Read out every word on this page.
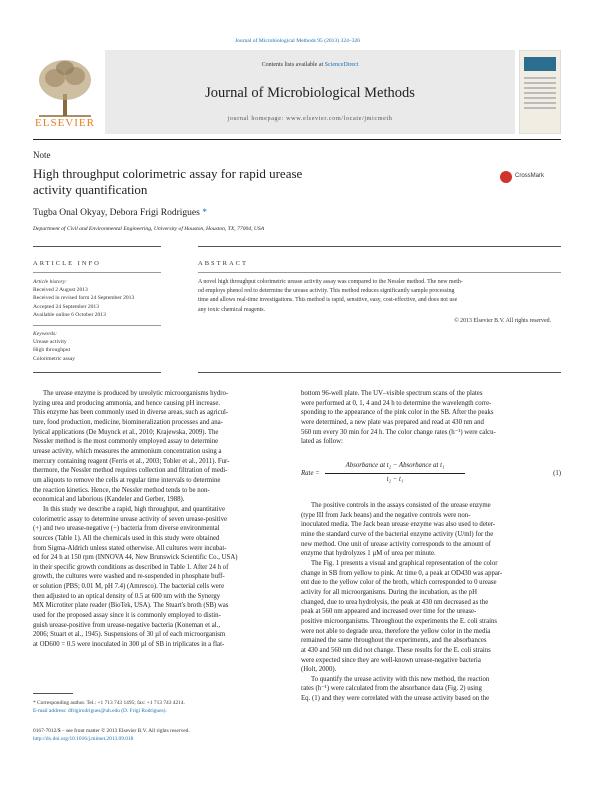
Journal of Microbiological Methods 95 (2013) 324–326
ELSEVIER
Contents lists available at ScienceDirect
Journal of Microbiological Methods
journal homepage: www.elsevier.com/locate/jmicmeth
Note
High throughput colorimetric assay for rapid urease
activity quantification
CrossMark
Tugba Onal Okyay, Debora Frigi Rodrigues *
Department of Civil and Environmental Engineering, University of Houston, Houston, TX, 77004, USA
ARTICLE INFO
Article history:
Received 2 August 2013
Received in revised form 24 September 2013
Accepted 24 September 2013
Available online 6 October 2013
Keywords:
Urease activity
High throughput
Colorimetric assay
ABSTRACT
A novel high throughput colorimetric urease activity assay was compared to the Nessler method. The new meth-
od employs phenol red to determine the urease activity. This method reduces significantly sample processing
time and allows real-time investigations. This method is rapid, sensitive, easy, cost-effective, and does not use
any toxic chemical reagents.
© 2013 Elsevier B.V. All rights reserved.
The urease enzyme is produced by ureolytic microorganisms hydro-
lyzing urea and producing ammonia, and hence causing pH increase.
This enzyme has been commonly used in diverse areas, such as agricul-
ture, food production, medicine, biomineralization processes and ana-
lytical applications (De Muynck et al., 2010; Krajewska, 2009). The
Nessler method is the most commonly employed assay to determine
urease activity, which measures the ammonium concentration using a
mercury containing reagent (Ferris et al., 2003; Tobler et al., 2011). Fur-
thermore, the Nessler method requires collection and filtration of medi-
um aliquots to remove the cells at regular time intervals to determine
the reaction kinetics. Hence, the Nessler method tends to be non-
economical and laborious (Kandeler and Gerber, 1988).
In this study we describe a rapid, high throughput, and quantitative
colorimetric assay to determine urease activity of seven urease-positive
(+) and two urease-negative (−) bacteria from diverse environmental
sources (Table 1). All the chemicals used in this study were obtained
from Sigma-Aldrich unless stated otherwise. All cultures were incubat-
ed for 24 h at 150 rpm (INNOVA 44, New Brunswick Scientific Co., USA)
in their specific growth conditions as described in Table 1. After 24 h of
growth, the cultures were washed and re-suspended in phosphate buff-
er solution (PBS; 0.01 M, pH 7.4) (Amresco). The bacterial cells were
then adjusted to an optical density of 0.5 at 600 nm with the Synergy
MX Microtiter plate reader (BioTek, USA). The Stuart's broth (SB) was
used for the proposed assay since it is commonly employed to distin-
guish urease-positive from urease-negative bacteria (Koneman et al.,
2006; Stuart et al., 1945). Suspensions of 30 µl of each microorganism
at OD600 = 0.5 were inoculated in 300 µl of SB in triplicates in a flat-
* Corresponding author. Tel.: +1 713 743 1495; fax: +1 713 743 4214.
E-mail address: dfrigirodrigues@uh.edu (D. Frigi Rodrigues).
0167-7012/$ – see front matter © 2013 Elsevier B.V. All rights reserved.
http://dx.doi.org/10.1016/j.mimet.2013.09.018
bottom 96-well plate. The UV–visible spectrum scans of the plates
were performed at 0, 1, 4 and 24 h to determine the wavelength corre-
sponding to the appearance of the pink color in the SB. After the peaks
were determined, a new plate was prepared and read at 430 nm and
560 nm every 30 min for 24 h. The color change rates (h⁻¹) were calcu-
lated as follow:
Rate =
Absorbance at t₂ − Absorbance at t₁
t₂ − t₁
(1)
The positive controls in the assays consisted of the urease enzyme
(type III from Jack beans) and the negative controls were non-
inoculated media. The Jack bean urease enzyme was also used to deter-
mine the standard curve of the bacterial enzyme activity (U/ml) for the
new method. One unit of urease activity corresponds to the amount of
enzyme that hydrolyzes 1 µM of urea per minute.
The Fig. 1 presents a visual and graphical representation of the color
change in SB from yellow to pink. At time 0, a peak at OD430 was appar-
ent due to the yellow color of the broth, which corresponded to 0 urease
activity for all microorganisms. During the incubation, as the pH
changed, due to urea hydrolysis, the peak at 430 nm decreased as the
peak at 560 nm appeared and increased over time for the urease-
positive microorganisms. Throughout the experiments the E. coli strains
were not able to degrade urea, therefore the yellow color in the media
remained the same throughout the experiments, and the absorbances
at 430 and 560 nm did not change. These results for the E. coli strains
were expected since they are well-known urease-negative bacteria
(Holt, 2000).
To quantify the urease activity with this new method, the reaction
rates (h⁻¹) were calculated from the absorbance data (Fig. 2) using
Eq. (1) and they were correlated with the urease activity based on the
